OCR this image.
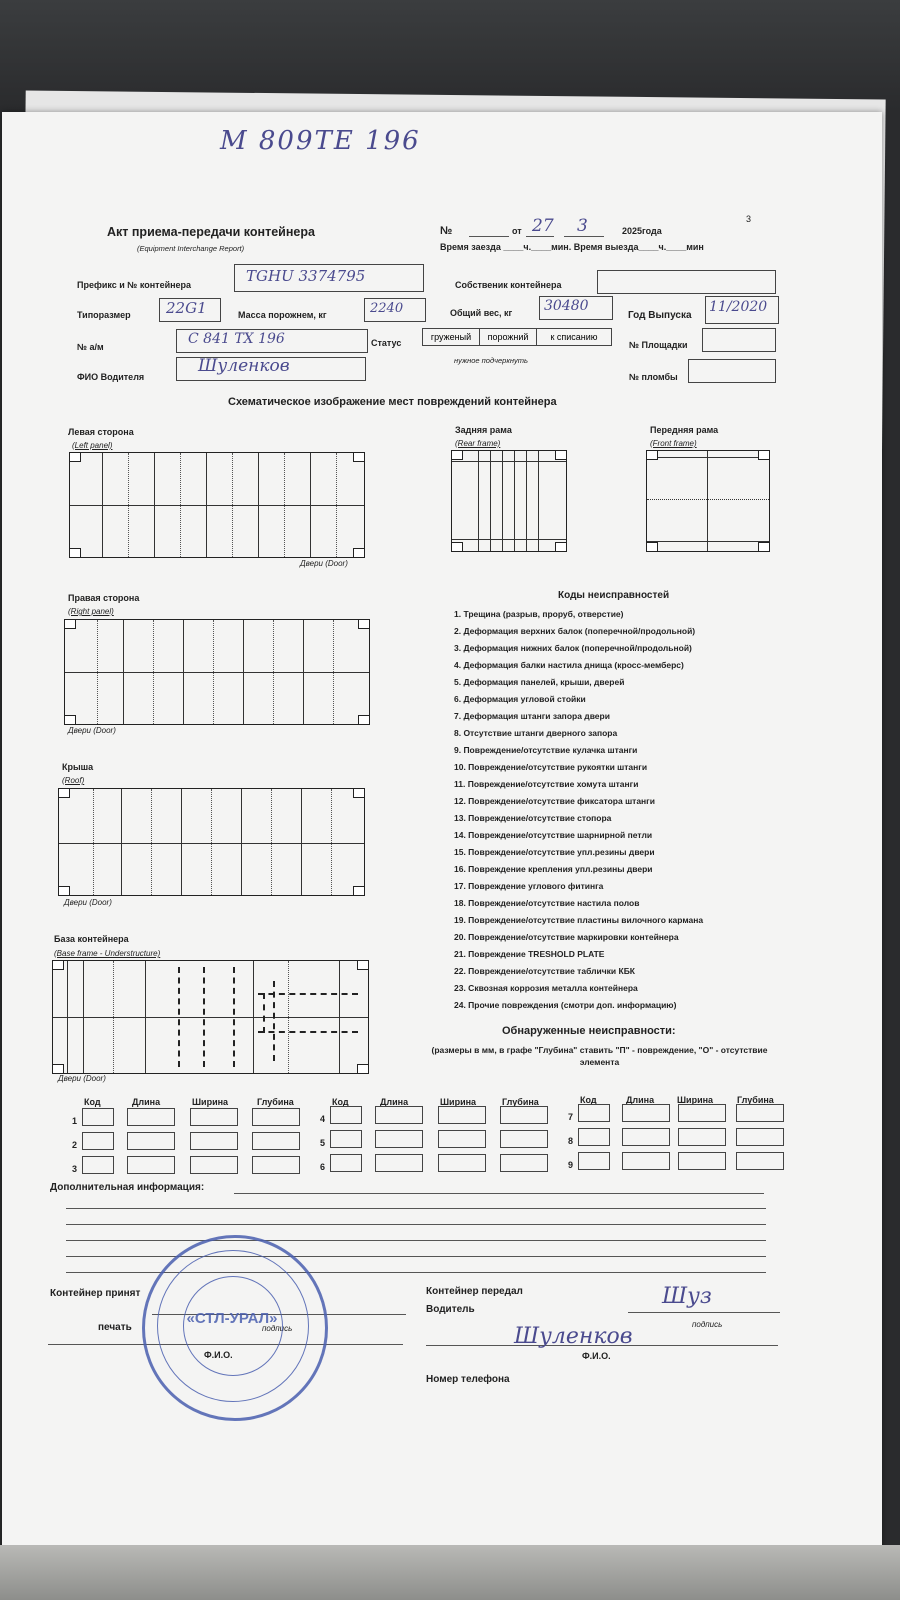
М 809ТЕ 196
3
Акт приема-передачи контейнера
(Equipment Interchange Report)
№	от 27 3	2025года
Время заезда ____ч.____мин. Время выезда____ч.____мин
Префикс и № контейнера	TGHU 3374795	Собственик контейнера
Типоразмер 22G1	Масса порожнем, кг	2240	Общий вес, кг 30480
Год Выпуска
11/2020
№ а/м	С 841 ТХ 196	Статус
груженый	порожний	к списанию
нужное подчеркнуть
№ Площадки
ФИО Водителя
Шуленков
№ пломбы
Схематическое изображение мест повреждений контейнера
Левая сторона
(Left panel)
Двери (Door)
Задняя рама
(Rear frame)
Передняя рама
(Front frame)
Правая сторона
(Right panel)
Двери (Door)
Крыша
(Roof)
Двери (Door)
База контейнера
(Base frame - Understructure)
Двери (Door)
Коды неисправностей
1. Трещина (разрыв, проруб, отверстие)
2. Деформация верхних балок (поперечной/продольной)
3. Деформация нижних балок (поперечной/продольной)
4. Деформация балки настила днища (кросс-мемберс)
5. Деформация панелей, крыши, дверей
6. Деформация угловой стойки
7. Деформация штанги запора двери
8. Отсутствие штанги дверного запора
9. Повреждение/отсутствие кулачка штанги
10. Повреждение/отсутствие рукоятки штанги
11. Повреждение/отсутствие хомута штанги
12. Повреждение/отсутствие фиксатора штанги
13. Повреждение/отсутствие стопора
14. Повреждение/отсутствие шарнирной петли
15. Повреждение/отсутствие упл.резины двери
16. Повреждение крепления упл.резины двери
17. Повреждение углового фитинга
18. Повреждение/отсутствие настила полов
19. Повреждение/отсутствие пластины вилочного кармана
20. Повреждение/отсутствие маркировки контейнера
21. Повреждение TRESHOLD PLATE
22. Повреждение/отсутствие таблички КБК
23. Сквозная коррозия металла контейнера
24. Прочие повреждения (смотри доп. информацию)
Обнаруженные неисправности:
(размеры в мм, в графе "Глубина" ставить "П" - повреждение, "О" - отсутствие элемента
Код	Длина	Ширина	Глубина
1
2
3
Код	Длина	Ширина	Глубина
4
5
6
Код	Длина	Ширина	Глубина
7
8
9
Дополнительная информация:
Контейнер принят
печать	подпись
Ф.И.О.
Контейнер передал
Водитель
Шуз
подпись
Шуленков
Ф.И.О.
Номер телефона
«СТЛ-УРАЛ»
